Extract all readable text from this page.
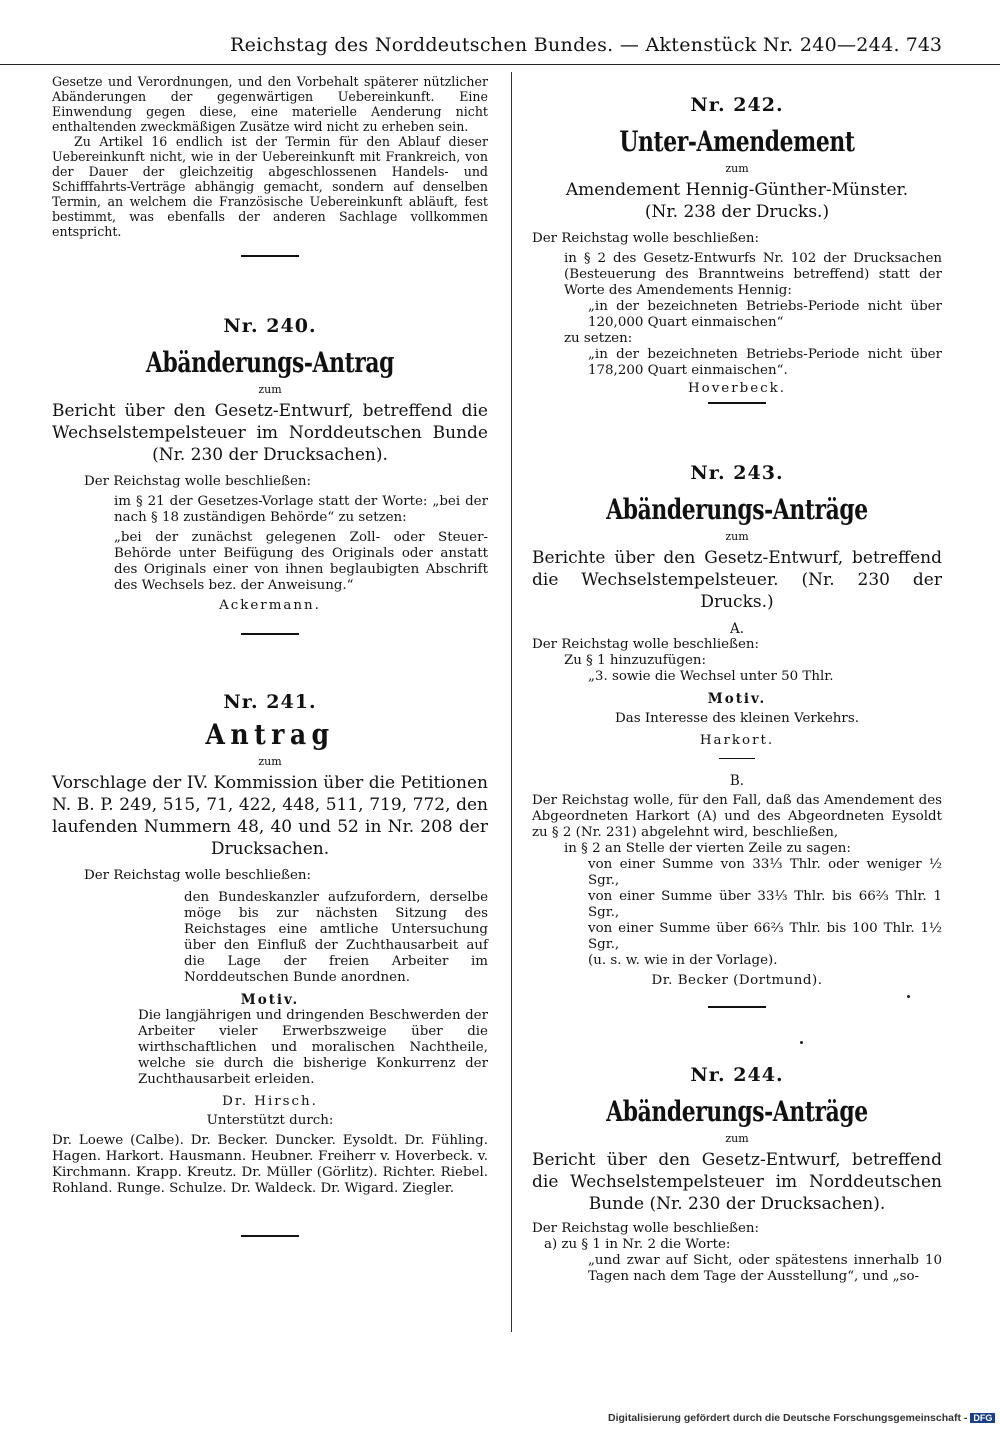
Reichstag des Norddeutschen Bundes. — Aktenstück Nr. 240—244. 743

Gesetze und Verordnungen, und den Vorbehalt späterer nützlicher Abänderungen der gegenwärtigen Uebereinkunft. Eine Einwendung gegen diese, eine materielle Aenderung nicht enthaltenden zweckmäßigen Zusätze wird nicht zu erheben sein.

Zu Artikel 16 endlich ist der Termin für den Ablauf dieser Uebereinkunft nicht, wie in der Uebereinkunft mit Frankreich, von der Dauer der gleichzeitig abgeschlossenen Handels- und Schifffahrts-Verträge abhängig gemacht, sondern auf denselben Termin, an welchem die Französische Uebereinkunft abläuft, fest bestimmt, was ebenfalls der anderen Sachlage vollkommen entspricht.

Nr. 240.
Abänderungs-Antrag
zum

Bericht über den Gesetz-Entwurf, betreffend die Wechselstempelsteuer im Norddeutschen Bunde (Nr. 230 der Drucksachen).

Der Reichstag wolle beschließen:

im § 21 der Gesetzes-Vorlage statt der Worte: „bei der nach § 18 zuständigen Behörde“ zu setzen:

„bei der zunächst gelegenen Zoll- oder Steuer-Behörde unter Beifügung des Originals oder anstatt des Originals einer von ihnen beglaubigten Abschrift des Wechsels bez. der Anweisung.“

Ackermann.
Nr. 241.
Antrag
zum

Vorschlage der IV. Kommission über die Petitionen N. B. P. 249, 515, 71, 422, 448, 511, 719, 772, den laufenden Nummern 48, 40 und 52 in Nr. 208 der Drucksachen.

Der Reichstag wolle beschließen:

den Bundeskanzler aufzufordern, derselbe möge bis zur nächsten Sitzung des Reichstages eine amtliche Untersuchung über den Einfluß der Zuchthausarbeit auf die Lage der freien Arbeiter im Norddeutschen Bunde anordnen.

Motiv.

Die langjährigen und dringenden Beschwerden der Arbeiter vieler Erwerbszweige über die wirthschaftlichen und moralischen Nachtheile, welche sie durch die bisherige Konkurrenz der Zuchthausarbeit erleiden.

Dr. Hirsch.
Unterstützt durch:

Dr. Loewe (Calbe). Dr. Becker. Duncker. Eysoldt. Dr. Fühling. Hagen. Harkort. Hausmann. Heubner. Freiherr v. Hoverbeck. v. Kirchmann. Krapp. Kreutz. Dr. Müller (Görlitz). Richter. Riebel. Rohland. Runge. Schulze. Dr. Waldeck. Dr. Wigard. Ziegler.

Nr. 242.
Unter-Amendement
zum
Amendement Hennig-Günther-Münster.
(Nr. 238 der Drucks.)

Der Reichstag wolle beschließen:

in § 2 des Gesetz-Entwurfs Nr. 102 der Drucksachen (Besteuerung des Branntweins betreffend) statt der Worte des Amendements Hennig:

„in der bezeichneten Betriebs-Periode nicht über 120,000 Quart einmaischen“

zu setzen:

„in der bezeichneten Betriebs-Periode nicht über 178,200 Quart einmaischen“.

Hoverbeck.
Nr. 243.
Abänderungs-Anträge
zum

Berichte über den Gesetz-Entwurf, betreffend die Wechselstempelsteuer. (Nr. 230 der Drucks.)

A.

Der Reichstag wolle beschließen:

Zu § 1 hinzuzufügen:

„3. sowie die Wechsel unter 50 Thlr.

Motiv.
Das Interesse des kleinen Verkehrs.
Harkort.
B.

Der Reichstag wolle, für den Fall, daß das Amendement des Abgeordneten Harkort (A) und des Abgeordneten Eysoldt zu § 2 (Nr. 231) abgelehnt wird, beschließen,

in § 2 an Stelle der vierten Zeile zu sagen:

von einer Summe von 33⅓ Thlr. oder weniger ½ Sgr.,

von einer Summe über 33⅓ Thlr. bis 66⅔ Thlr. 1 Sgr.,

von einer Summe über 66⅔ Thlr. bis 100 Thlr. 1½ Sgr.,

(u. s. w. wie in der Vorlage).

Dr. Becker (Dortmund).
Nr. 244.
Abänderungs-Anträge
zum

Bericht über den Gesetz-Entwurf, betreffend die Wechselstempelsteuer im Norddeutschen Bunde (Nr. 230 der Drucksachen).

Der Reichstag wolle beschließen:

a) zu § 1 in Nr. 2 die Worte:

„und zwar auf Sicht, oder spätestens innerhalb 10 Tagen nach dem Tage der Ausstellung“, und „so-

Digitalisierung gefördert durch die Deutsche Forschungsgemeinschaft - DFG
